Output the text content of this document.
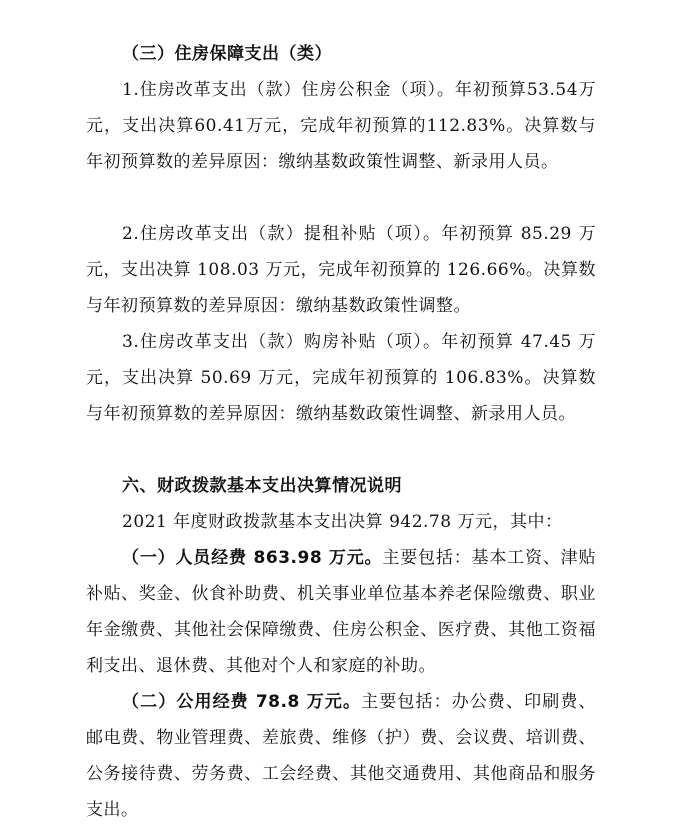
（三）住房保障支出（类）

1.住房改革支出（款）住房公积金（项）。年初预算53.54万元，支出决算60.41万元，完成年初预算的112.83%。决算数与年初预算数的差异原因：缴纳基数政策性调整、新录用人员。

2.住房改革支出（款）提租补贴（项）。年初预算 85.29 万元，支出决算 108.03 万元，完成年初预算的 126.66%。决算数与年初预算数的差异原因：缴纳基数政策性调整。

3.住房改革支出（款）购房补贴（项）。年初预算 47.45 万元，支出决算 50.69 万元，完成年初预算的 106.83%。决算数与年初预算数的差异原因：缴纳基数政策性调整、新录用人员。

六、财政拨款基本支出决算情况说明

2021 年度财政拨款基本支出决算 942.78 万元，其中：

（一）人员经费 863.98 万元。主要包括：基本工资、津贴补贴、奖金、伙食补助费、机关事业单位基本养老保险缴费、职业年金缴费、其他社会保障缴费、住房公积金、医疗费、其他工资福利支出、退休费、其他对个人和家庭的补助。

（二）公用经费 78.8 万元。主要包括：办公费、印刷费、邮电费、物业管理费、差旅费、维修（护）费、会议费、培训费、公务接待费、劳务费、工会经费、其他交通费用、其他商品和服务支出。
